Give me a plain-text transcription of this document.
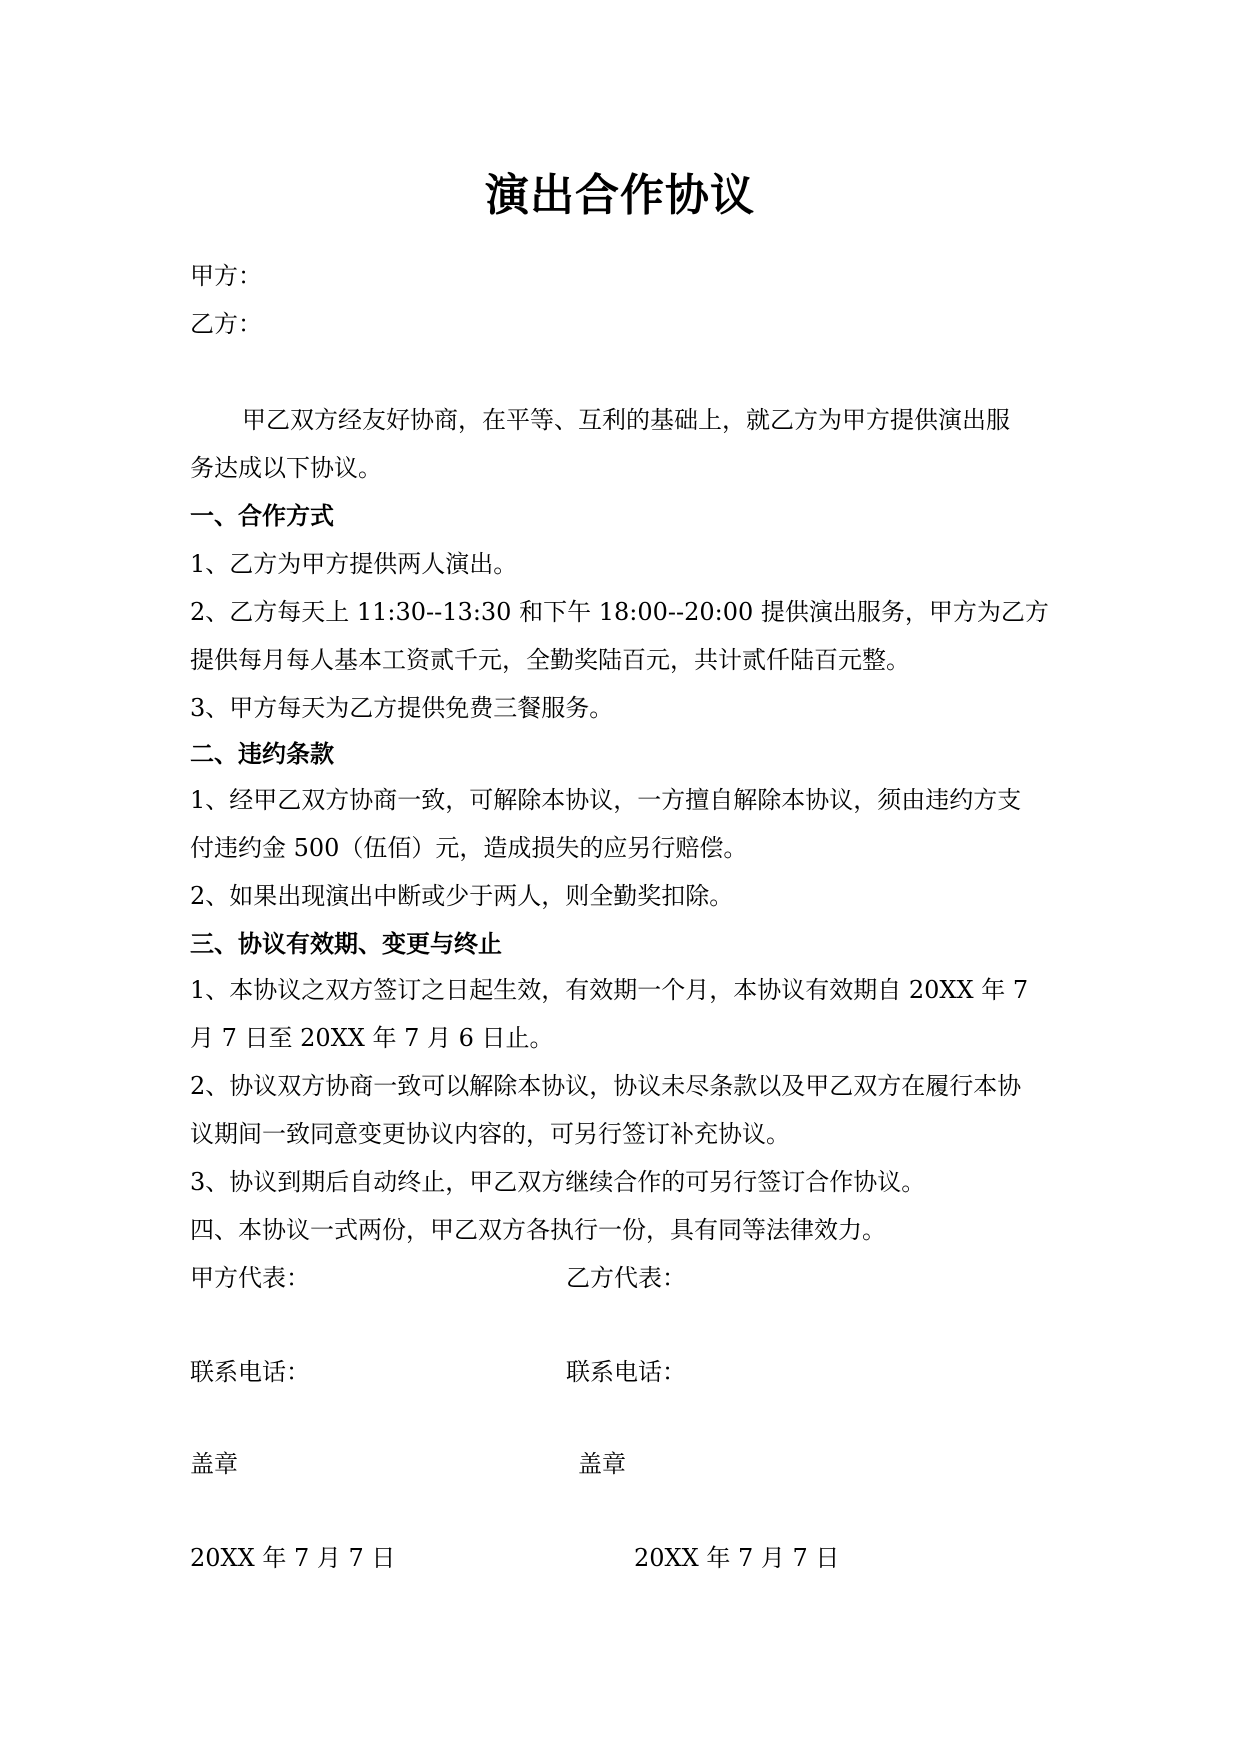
演出合作协议
甲方：
乙方：
甲乙双方经友好协商，在平等、互利的基础上，就乙方为甲方提供演出服
务达成以下协议。
一、合作方式
1、乙方为甲方提供两人演出。
2、乙方每天上 11:30--13:30 和下午 18:00--20:00 提供演出服务，甲方为乙方
提供每月每人基本工资贰千元，全勤奖陆百元，共计贰仟陆百元整。
3、甲方每天为乙方提供免费三餐服务。
二、违约条款
1、经甲乙双方协商一致，可解除本协议，一方擅自解除本协议，须由违约方支
付违约金 500（伍佰）元，造成损失的应另行赔偿。
2、如果出现演出中断或少于两人，则全勤奖扣除。
三、协议有效期、变更与终止
1、本协议之双方签订之日起生效，有效期一个月，本协议有效期自 20XX 年 7
月 7 日至 20XX 年 7 月 6 日止。
2、协议双方协商一致可以解除本协议，协议未尽条款以及甲乙双方在履行本协
议期间一致同意变更协议内容的，可另行签订补充协议。
3、协议到期后自动终止，甲乙双方继续合作的可另行签订合作协议。
四、本协议一式两份，甲乙双方各执行一份，具有同等法律效力。
甲方代表：	乙方代表：
联系电话：	联系电话：
盖章	盖章
20XX 年 7 月 7 日	20XX 年 7 月 7 日
